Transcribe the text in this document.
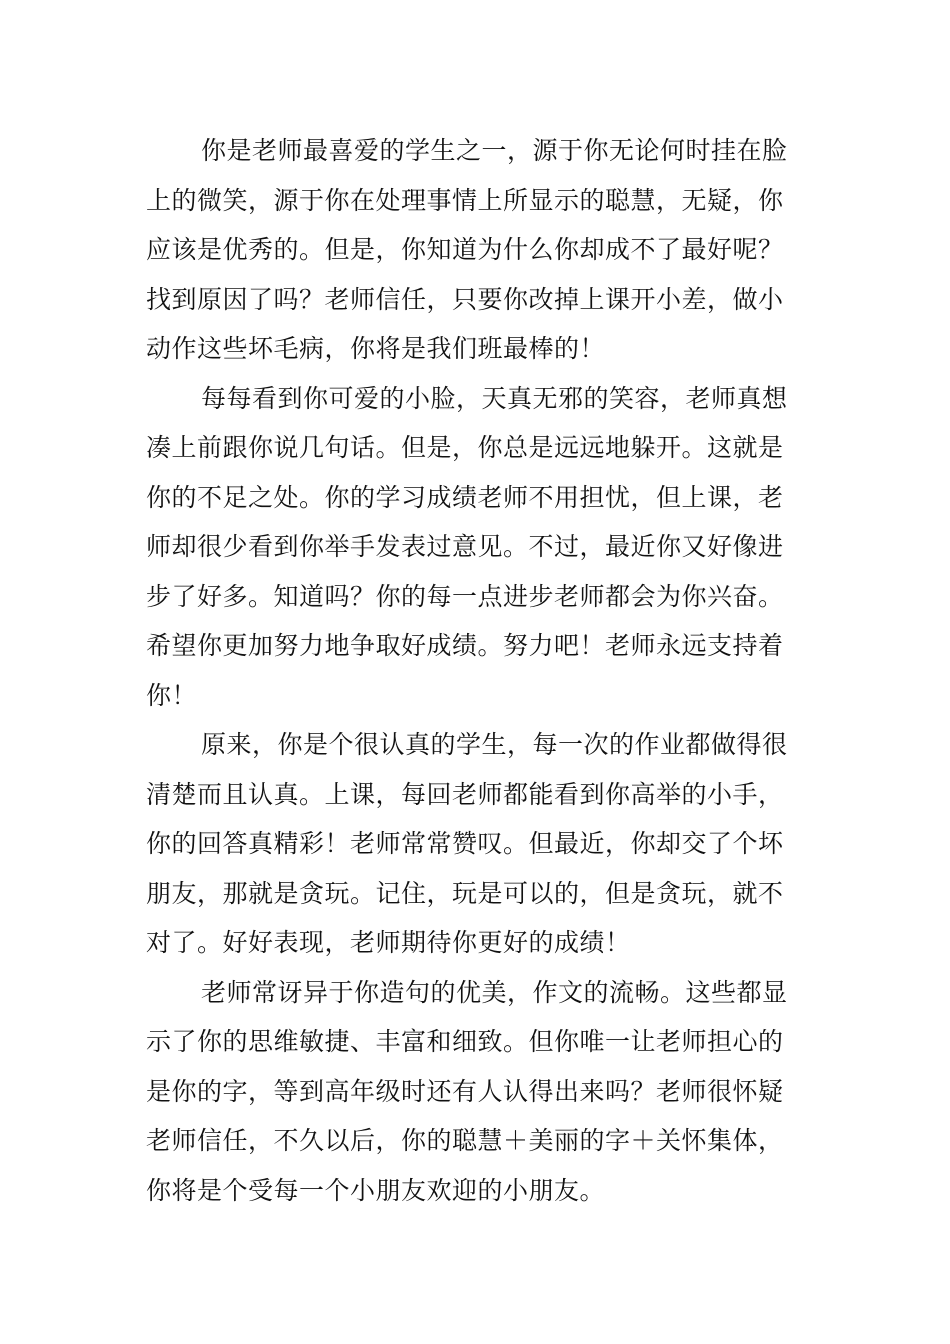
你是老师最喜爱的学生之一，源于你无论何时挂在脸
上的微笑，源于你在处理事情上所显示的聪慧，无疑，你
应该是优秀的。但是，你知道为什么你却成不了最好呢？
找到原因了吗？老师信任，只要你改掉上课开小差，做小
动作这些坏毛病，你将是我们班最棒的！
每每看到你可爱的小脸，天真无邪的笑容，老师真想
凑上前跟你说几句话。但是，你总是远远地躲开。这就是
你的不足之处。你的学习成绩老师不用担忧，但上课，老
师却很少看到你举手发表过意见。不过，最近你又好像进
步了好多。知道吗？你的每一点进步老师都会为你兴奋。
希望你更加努力地争取好成绩。努力吧！老师永远支持着
你！
原来，你是个很认真的学生，每一次的作业都做得很
清楚而且认真。上课，每回老师都能看到你高举的小手，
你的回答真精彩！老师常常赞叹。但最近，你却交了个坏
朋友，那就是贪玩。记住，玩是可以的，但是贪玩，就不
对了。好好表现，老师期待你更好的成绩！
老师常讶异于你造句的优美，作文的流畅。这些都显
示了你的思维敏捷、丰富和细致。但你唯一让老师担心的
是你的字，等到高年级时还有人认得出来吗？老师很怀疑
老师信任，不久以后，你的聪慧＋美丽的字＋关怀集体，
你将是个受每一个小朋友欢迎的小朋友。
